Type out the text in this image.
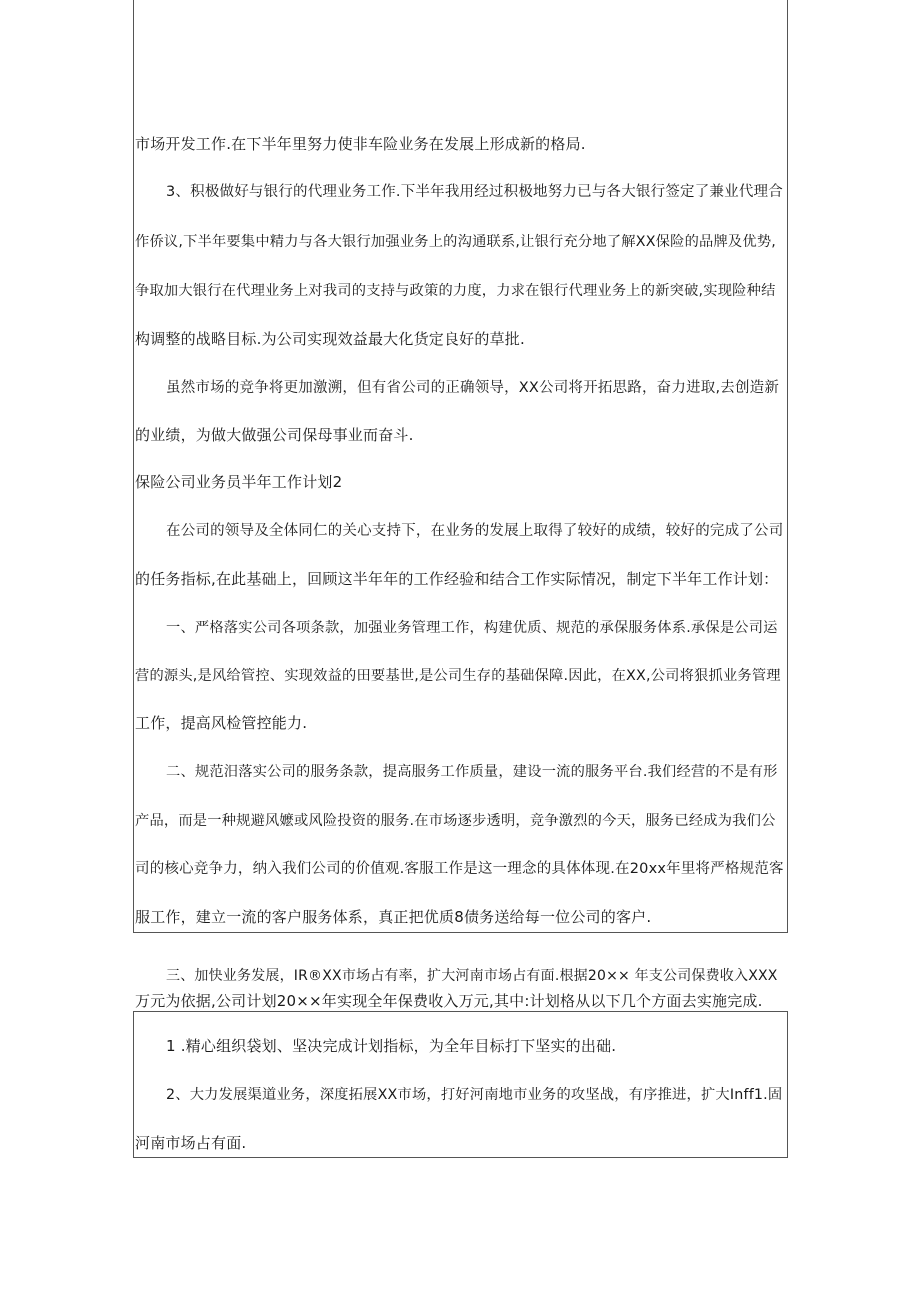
市场开发工作.在下半年里努力使非车险业务在发展上形成新的格局.

3、积极做好与银行的代理业务工作.下半年我用经过积极地努力已与各大银行签定了兼业代理合

作侨议,下半年要集中精力与各大银行加强业务上的沟通联系,让银行充分地了解XX保险的品牌及优势,

争取加大银行在代理业务上对我司的支持与政策的力度，力求在银行代理业务上的新突破,实现险种结

构调整的战略目标.为公司实现效益最大化货定良好的草批.

虽然市场的竞争将更加激溯，但有省公司的正确领导，XX公司将开拓思路，奋力进取,去创造新

的业绩，为做大做强公司保母事业而奋斗.

保险公司业务员半年工作计划2

在公司的领导及全体同仁的关心支持下，在业务的发展上取得了较好的成绩，较好的完成了公司

的任务指标,在此基础上，回顾这半年年的工作经验和结合工作实际情况，制定下半年工作计划：

一、严格落实公司各项条款，加强业务管理工作，构建优质、规范的承保服务体系.承保是公司运

营的源头,是风给管控、实现效益的田要基世,是公司生存的基础保障.因此，在XX,公司将狠抓业务管理

工作，提高风检管控能力.

二、规范汨落实公司的服务条款，提高服务工作质量，建设一流的服务平台.我们经营的不是有形

产品，而是一种规避风嬷或风险投资的服务.在市场逐步透明，竞争激烈的今天，服务已经成为我们公

司的核心竞争力，纳入我们公司的价值观.客服工作是这一理念的具体体现.在20xx年里将严格规范客

服工作，建立一流的客户服务体系，真正把优质8债务送给每一位公司的客户.

三、加快业务发展，IR®XX市场占有率，扩大河南市场占有面.根据20×× 年支公司保费收入XXX

万元为依据,公司计划20××年实现全年保费收入万元,其中:计划格从以下几个方面去实施完成.

1 .精心组织袋划、坚决完成计划指标，为全年目标打下坚实的出础.

2、大力发展渠道业务，深度拓展XX市场，打好河南地市业务的攻坚战，有序推进，扩大Inff1.固

河南市场占有面.
